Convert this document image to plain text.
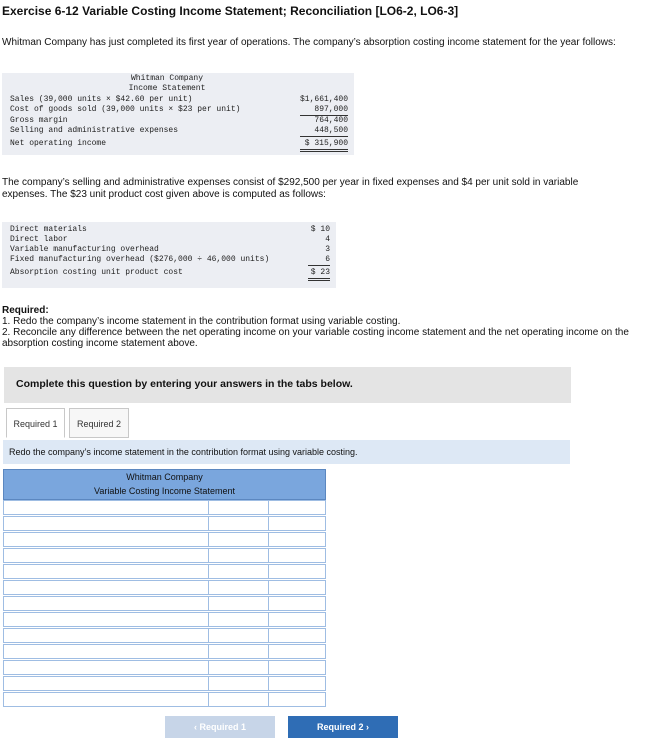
Exercise 6-12 Variable Costing Income Statement; Reconciliation [LO6-2, LO6-3]
Whitman Company has just completed its first year of operations. The company’s absorption costing income statement for the year follows:
Whitman Company
Income Statement
Sales (39,000 units × $42.60 per unit)	$1,661,400
Cost of goods sold (39,000 units × $23 per unit)	897,000
Gross margin	764,400
Selling and administrative expenses	448,500
Net operating income	$ 315,900
The company’s selling and administrative expenses consist of $292,500 per year in fixed expenses and $4 per unit sold in variable expenses. The $23 unit product cost given above is computed as follows:
Direct materials	$ 10
Direct labor	4
Variable manufacturing overhead	3
Fixed manufacturing overhead ($276,000 ÷ 46,000 units)	6
Absorption costing unit product cost	$ 23
Required:
1. Redo the company’s income statement in the contribution format using variable costing.
2. Reconcile any difference between the net operating income on your variable costing income statement and the net operating income on the absorption costing income statement above.
Complete this question by entering your answers in the tabs below.
Required 1	Required 2
Redo the company’s income statement in the contribution format using variable costing.
Whitman Company
Variable Costing Income Statement
‹ Required 1	Required 2 ›
